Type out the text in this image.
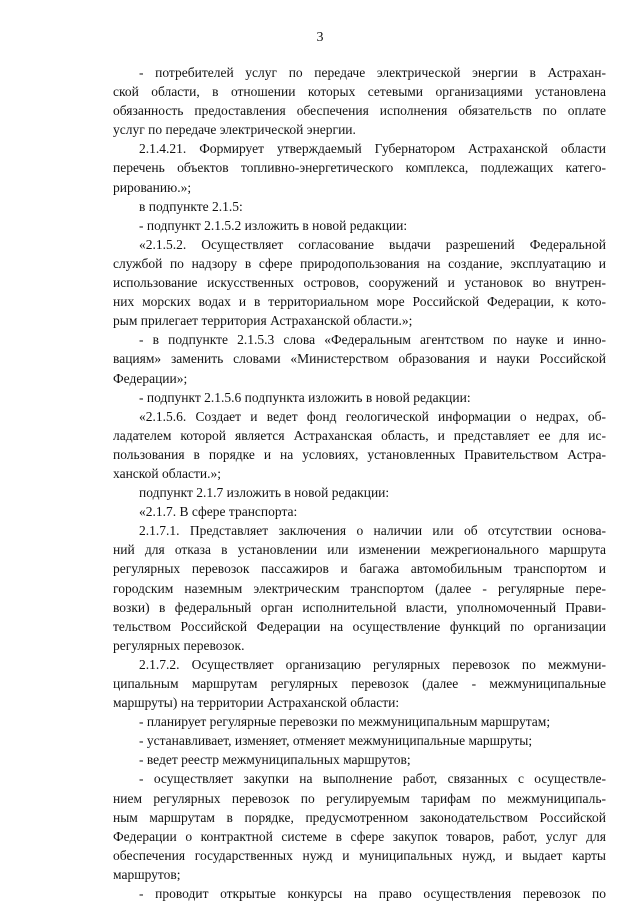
3
- потребителей услуг по передаче электрической энергии в Астрахан-
ской области, в отношении которых сетевыми организациями установлена
обязанность предоставления обеспечения исполнения обязательств по оплате
услуг по передаче электрической энергии.
2.1.4.21. Формирует утверждаемый Губернатором Астраханской области
перечень объектов топливно-энергетического комплекса, подлежащих катего-
рированию.»;
в подпункте 2.1.5:
- подпункт 2.1.5.2 изложить в новой редакции:
«2.1.5.2. Осуществляет согласование выдачи разрешений Федеральной
службой по надзору в сфере природопользования на создание, эксплуатацию и
использование искусственных островов, сооружений и установок во внутрен-
них морских водах и в территориальном море Российской Федерации, к кото-
рым прилегает территория Астраханской области.»;
- в подпункте 2.1.5.3 слова «Федеральным агентством по науке и инно-
вациям» заменить словами «Министерством образования и науки Российской
Федерации»;
- подпункт 2.1.5.6 подпункта изложить в новой редакции:
«2.1.5.6. Создает и ведет фонд геологической информации о недрах, об-
ладателем которой является Астраханская область, и представляет ее для ис-
пользования в порядке и на условиях, установленных Правительством Астра-
ханской области.»;
подпункт 2.1.7 изложить в новой редакции:
«2.1.7. В сфере транспорта:
2.1.7.1. Представляет заключения о наличии или об отсутствии основа-
ний для отказа в установлении или изменении межрегионального маршрута
регулярных перевозок пассажиров и багажа автомобильным транспортом и
городским наземным электрическим транспортом (далее - регулярные пере-
возки) в федеральный орган исполнительной власти, уполномоченный Прави-
тельством Российской Федерации на осуществление функций по организации
регулярных перевозок.
2.1.7.2. Осуществляет организацию регулярных перевозок по межмуни-
ципальным маршрутам регулярных перевозок (далее - межмуниципальные
маршруты) на территории Астраханской области:
- планирует регулярные перевозки по межмуниципальным маршрутам;
- устанавливает, изменяет, отменяет межмуниципальные маршруты;
- ведет реестр межмуниципальных маршрутов;
- осуществляет закупки на выполнение работ, связанных с осуществле-
нием регулярных перевозок по регулируемым тарифам по межмуниципаль-
ным маршрутам в порядке, предусмотренном законодательством Российской
Федерации о контрактной системе в сфере закупок товаров, работ, услуг для
обеспечения государственных нужд и муниципальных нужд, и выдает карты
маршрутов;
- проводит открытые конкурсы на право осуществления перевозок по
